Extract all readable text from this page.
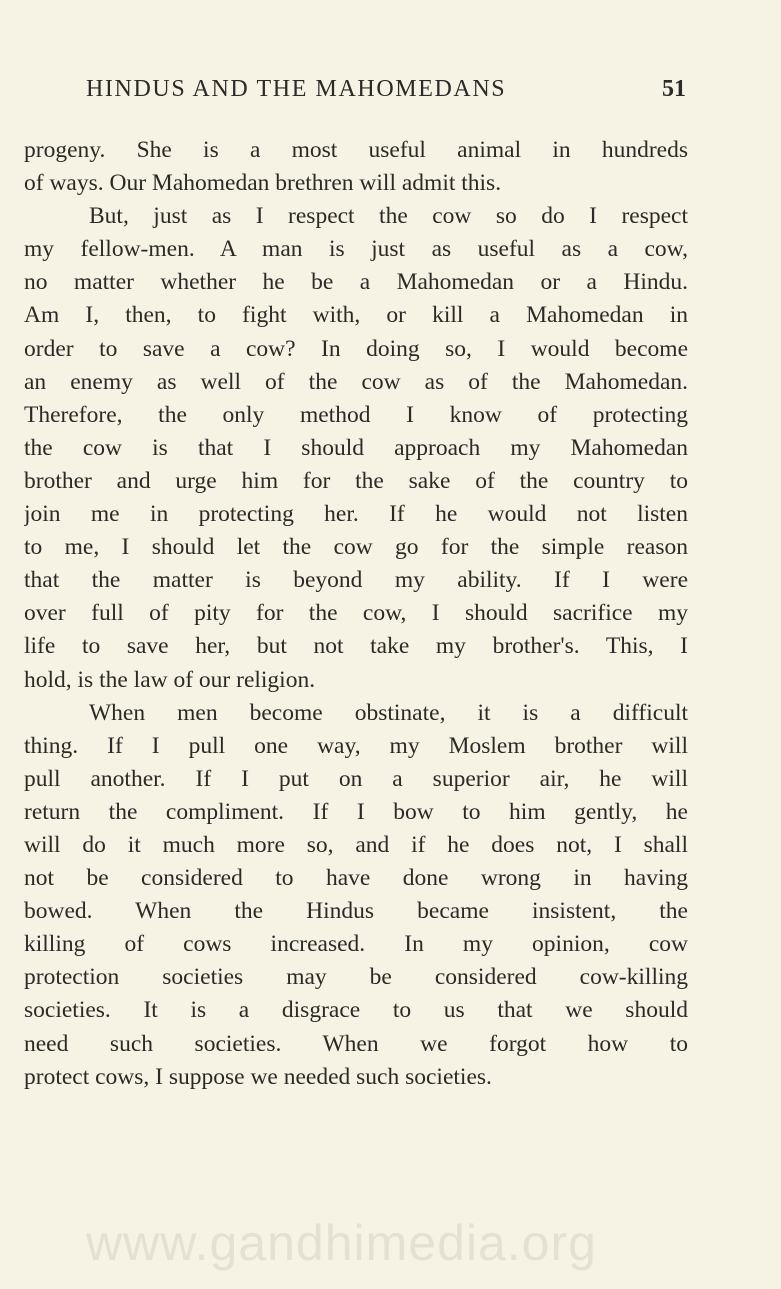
HINDUS AND THE MAHOMEDANS	51
progeny. She is a most useful animal in hundreds
of ways. Our Mahomedan brethren will admit this.
But, just as I respect the cow so do I respect
my fellow-men. A man is just as useful as a cow,
no matter whether he be a Mahomedan or a Hindu.
Am I, then, to fight with, or kill a Mahomedan in
order to save a cow? In doing so, I would become
an enemy as well of the cow as of the Mahomedan.
Therefore, the only method I know of protecting
the cow is that I should approach my Mahomedan
brother and urge him for the sake of the country to
join me in protecting her. If he would not listen
to me, I should let the cow go for the simple reason
that the matter is beyond my ability. If I were
over full of pity for the cow, I should sacrifice my
life to save her, but not take my brother's. This, I
hold, is the law of our religion.
When men become obstinate, it is a difficult
thing. If I pull one way, my Moslem brother will
pull another. If I put on a superior air, he will
return the compliment. If I bow to him gently, he
will do it much more so, and if he does not, I shall
not be considered to have done wrong in having
bowed. When the Hindus became insistent, the
killing of cows increased. In my opinion, cow
protection societies may be considered cow-killing
societies. It is a disgrace to us that we should
need such societies. When we forgot how to
protect cows, I suppose we needed such societies.
www.gandhimedia.org
